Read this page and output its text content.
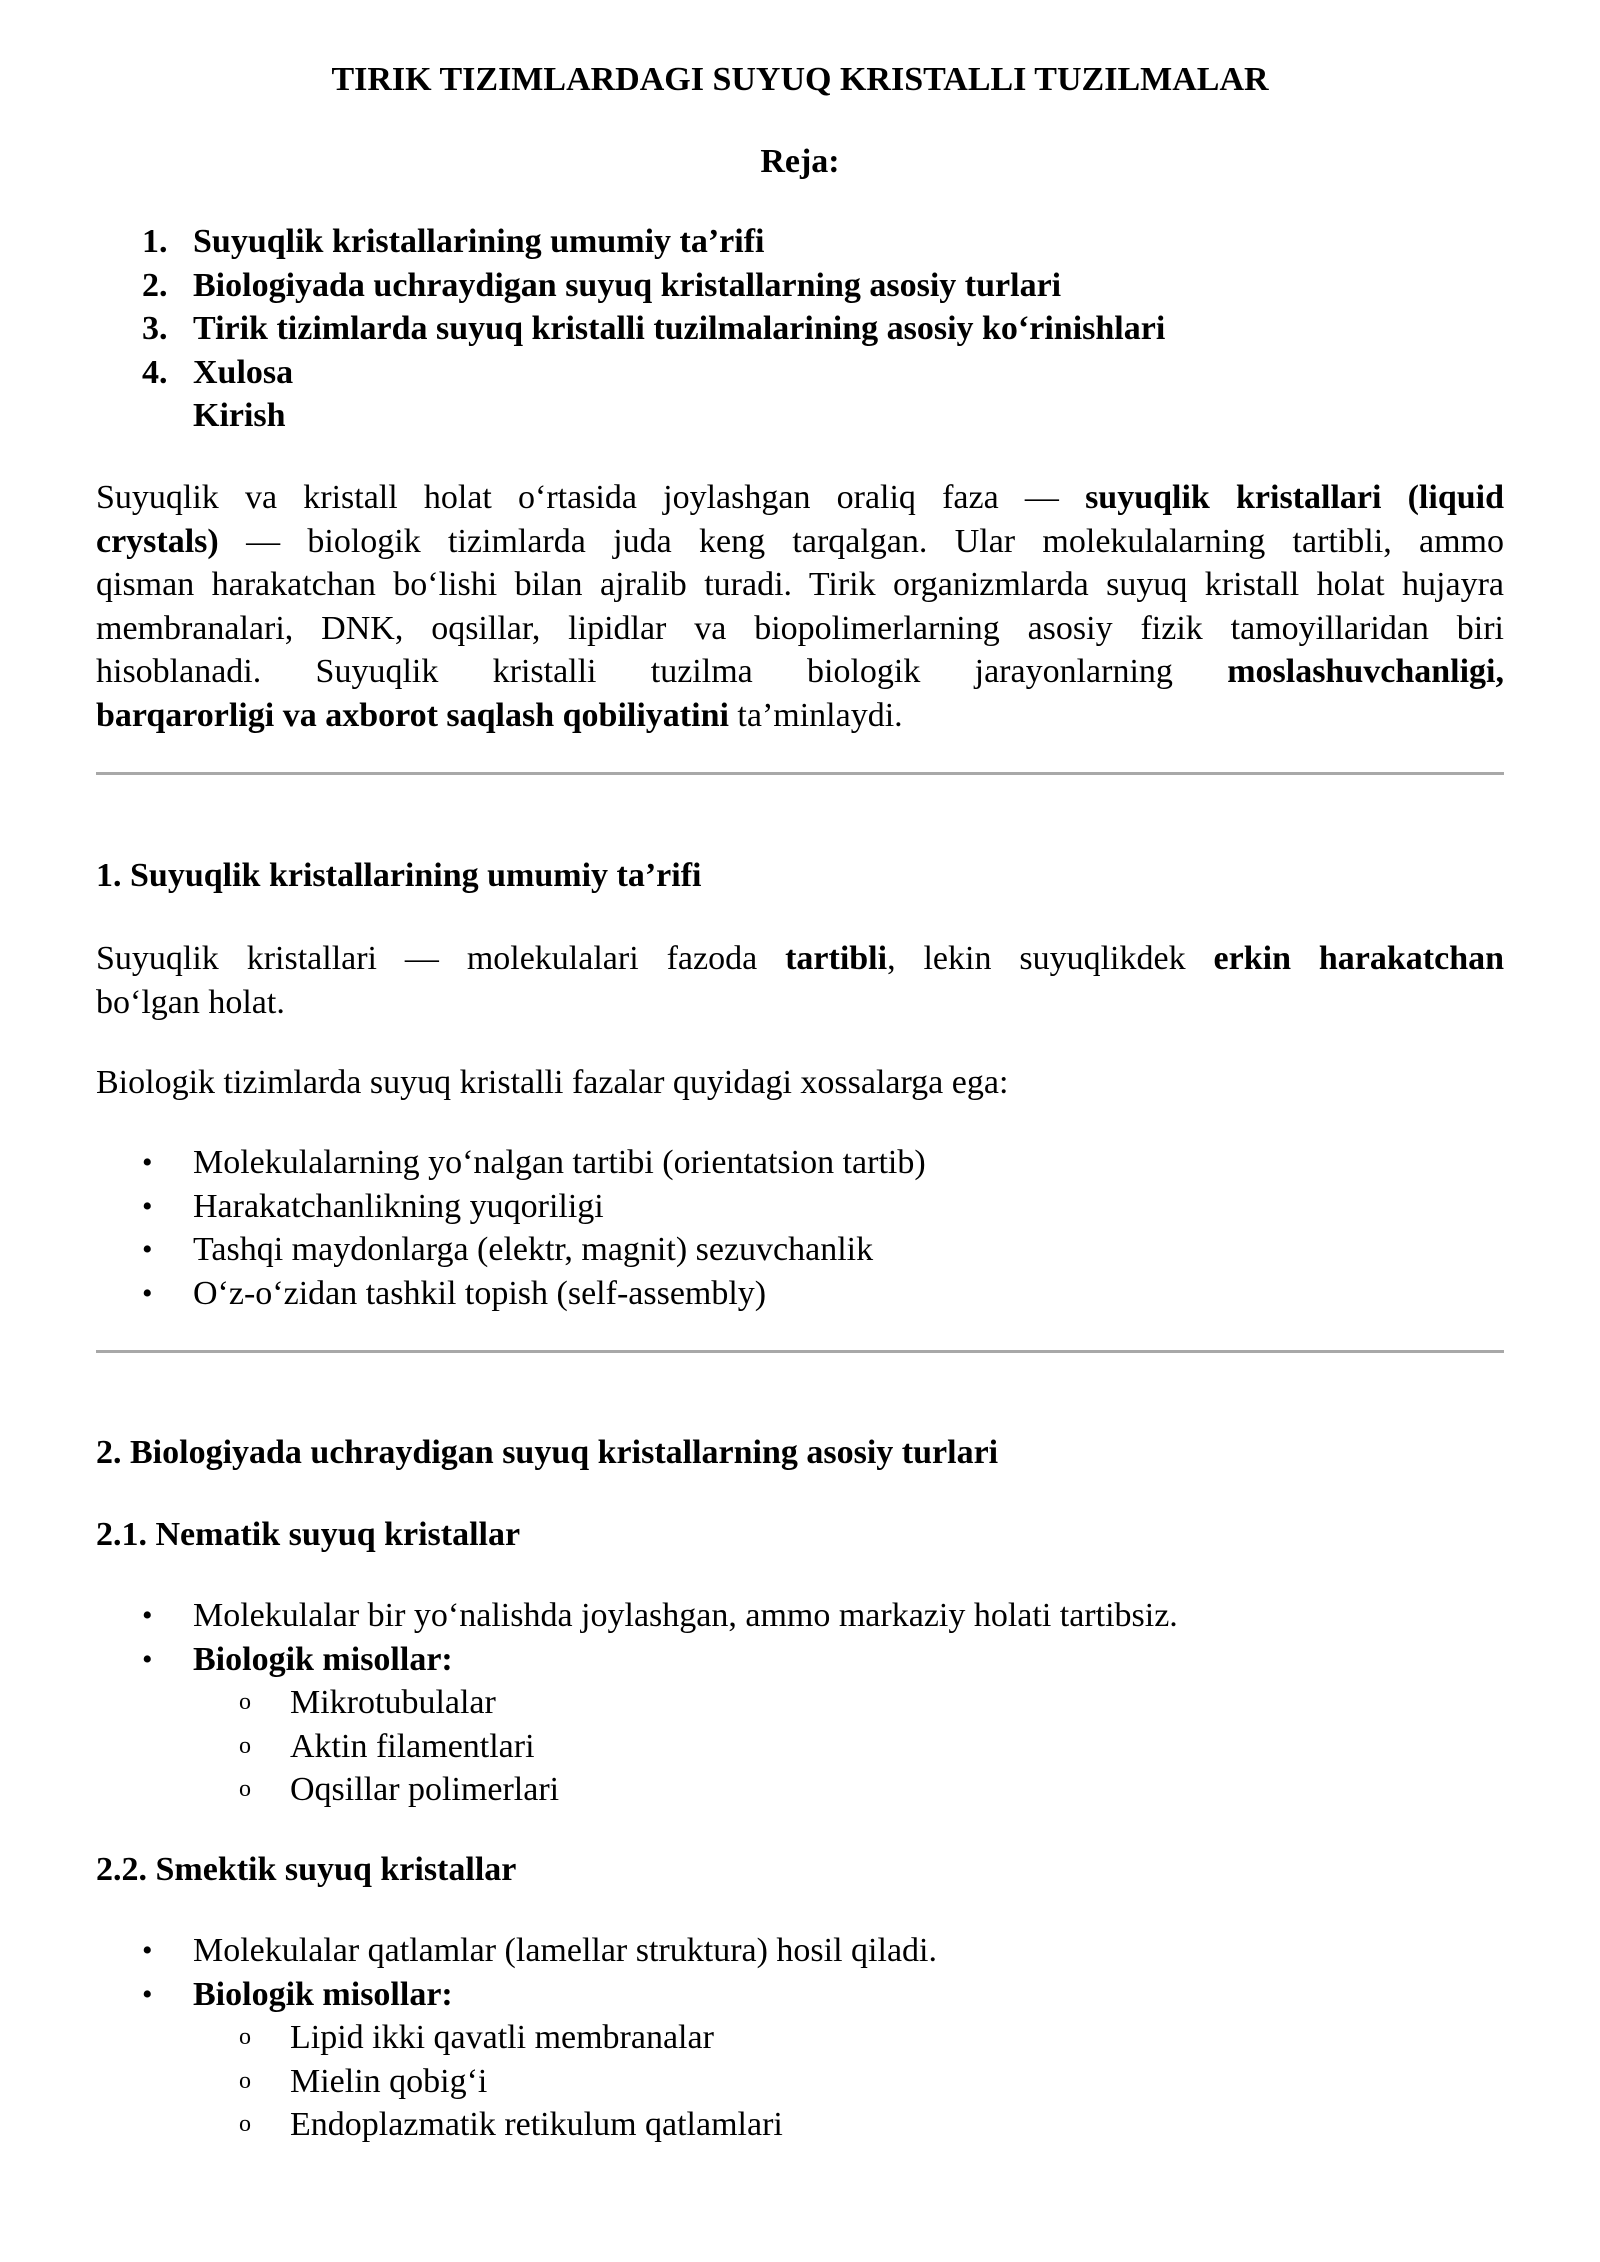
TIRIK TIZIMLARDAGI SUYUQ KRISTALLI TUZILMALAR
Reja:
1. Suyuqlik kristallarining umumiy ta’rifi
2. Biologiyada uchraydigan suyuq kristallarning asosiy turlari
3. Tirik tizimlarda suyuq kristalli tuzilmalarining asosiy ko‘rinishlari
4. Xulosa
Kirish
Suyuqlik va kristall holat o‘rtasida joylashgan oraliq faza — suyuqlik kristallari (liquid
crystals) — biologik tizimlarda juda keng tarqalgan. Ular molekulalarning tartibli, ammo
qisman harakatchan bo‘lishi bilan ajralib turadi. Tirik organizmlarda suyuq kristall holat hujayra
membranalari, DNK, oqsillar, lipidlar va biopolimerlarning asosiy fizik tamoyillaridan biri
hisoblanadi. Suyuqlik kristalli tuzilma biologik jarayonlarning moslashuvchanligi,
barqarorligi va axborot saqlash qobiliyatini ta’minlaydi.
1. Suyuqlik kristallarining umumiy ta’rifi
Suyuqlik kristallari — molekulalari fazoda tartibli, lekin suyuqlikdek erkin harakatchan
bo‘lgan holat.
Biologik tizimlarda suyuq kristalli fazalar quyidagi xossalarga ega:
• Molekulalarning yo‘nalgan tartibi (orientatsion tartib)
• Harakatchanlikning yuqoriligi
• Tashqi maydonlarga (elektr, magnit) sezuvchanlik
• O‘z-o‘zidan tashkil topish (self-assembly)
2. Biologiyada uchraydigan suyuq kristallarning asosiy turlari
2.1. Nematik suyuq kristallar
• Molekulalar bir yo‘nalishda joylashgan, ammo markaziy holati tartibsiz.
• Biologik misollar:
o Mikrotubulalar
o Aktin filamentlari
o Oqsillar polimerlari
2.2. Smektik suyuq kristallar
• Molekulalar qatlamlar (lamellar struktura) hosil qiladi.
• Biologik misollar:
o Lipid ikki qavatli membranalar
o Mielin qobig‘i
o Endoplazmatik retikulum qatlamlari
